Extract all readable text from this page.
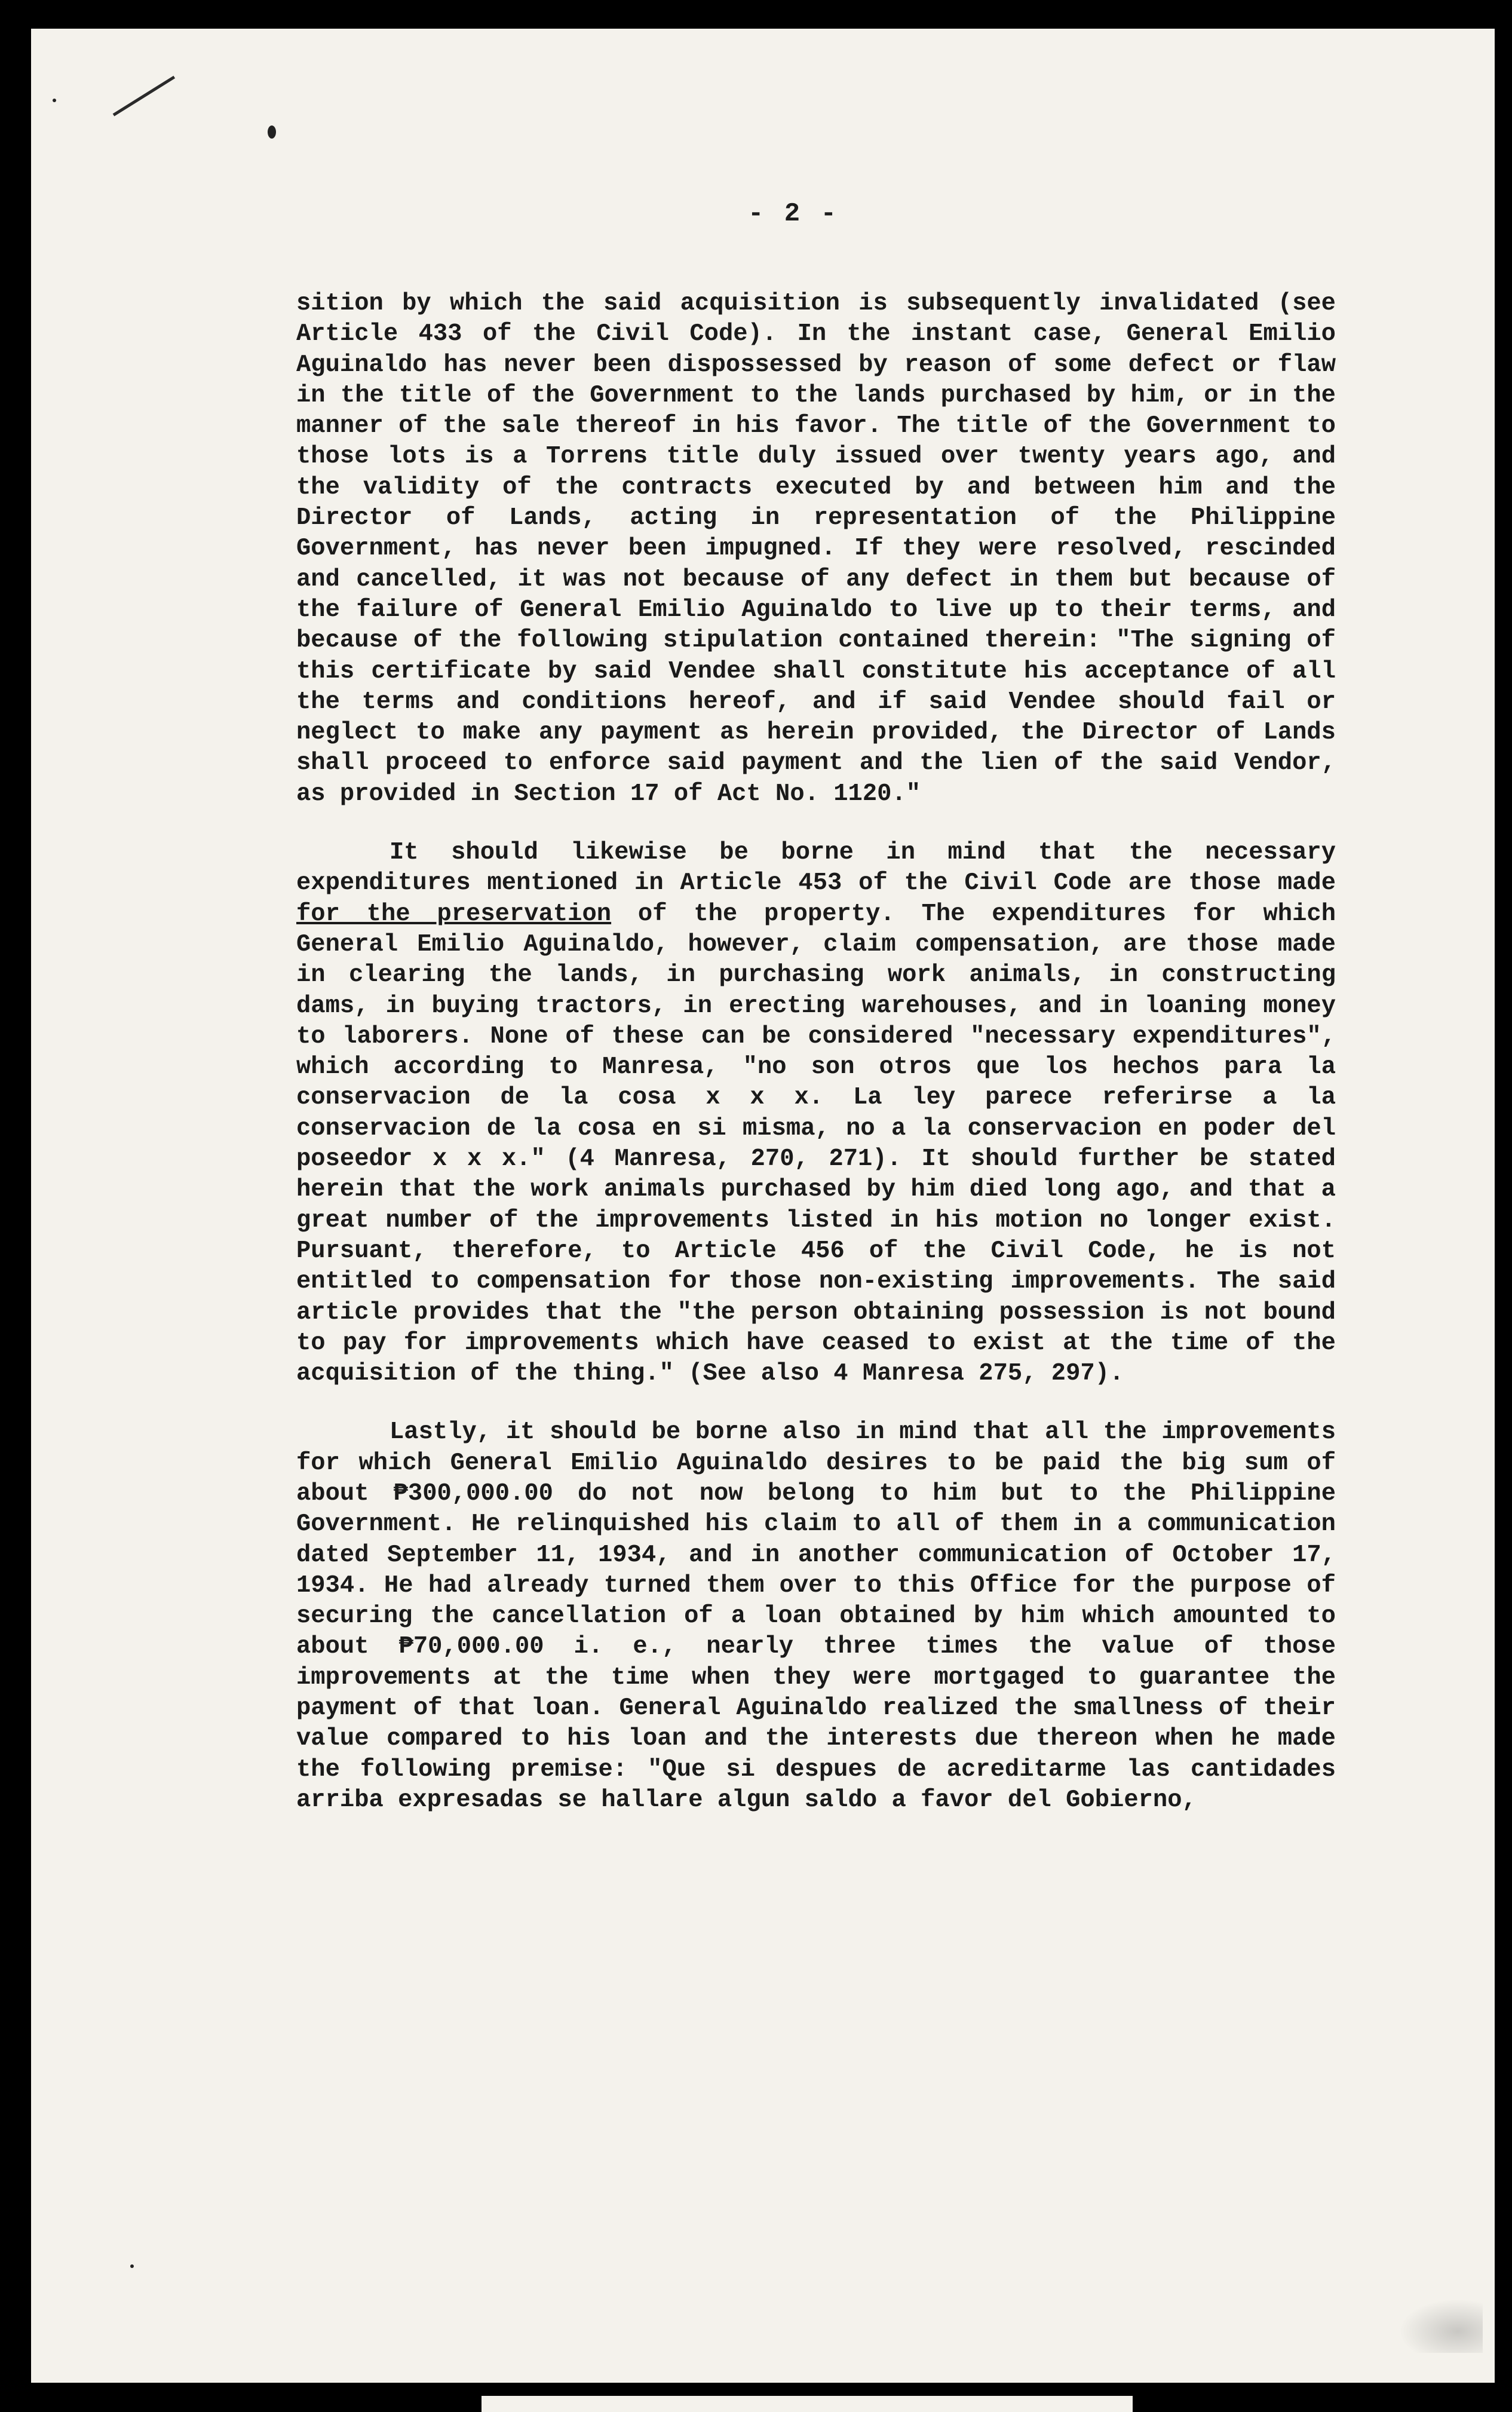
- 2 -

sition by which the said acquisition is subsequently invalidated (see Article 433 of the Civil Code). In the instant case, General Emilio Aguinaldo has never been dispossessed by reason of some defect or flaw in the title of the Government to the lands purchased by him, or in the manner of the sale thereof in his favor. The title of the Government to those lots is a Torrens title duly issued over twenty years ago, and the validity of the contracts executed by and between him and the Director of Lands, acting in representation of the Philippine Government, has never been impugned. If they were resolved, rescinded and cancelled, it was not because of any defect in them but because of the failure of General Emilio Aguinaldo to live up to their terms, and because of the following stipulation contained therein: "The signing of this certificate by said Vendee shall constitute his acceptance of all the terms and conditions hereof, and if said Vendee should fail or neglect to make any payment as herein provided, the Director of Lands shall proceed to enforce said payment and the lien of the said Vendor, as provided in Section 17 of Act No. 1120."

It should likewise be borne in mind that the necessary expenditures mentioned in Article 453 of the Civil Code are those made for the preservation of the property. The expenditures for which General Emilio Aguinaldo, however, claim compensation, are those made in clearing the lands, in purchasing work animals, in constructing dams, in buying tractors, in erecting warehouses, and in loaning money to laborers. None of these can be considered "necessary expenditures", which according to Manresa, "no son otros que los hechos para la conservacion de la cosa x x x. La ley parece referirse a la conservacion de la cosa en si misma, no a la conservacion en poder del poseedor x x x." (4 Manresa, 270, 271). It should further be stated herein that the work animals purchased by him died long ago, and that a great number of the improvements listed in his motion no longer exist. Pursuant, therefore, to Article 456 of the Civil Code, he is not entitled to compensation for those non-existing improvements. The said article provides that the "the person obtaining possession is not bound to pay for improvements which have ceased to exist at the time of the acquisition of the thing." (See also 4 Manresa 275, 297).

Lastly, it should be borne also in mind that all the improvements for which General Emilio Aguinaldo desires to be paid the big sum of about ₱300,000.00 do not now belong to him but to the Philippine Government. He relinquished his claim to all of them in a communication dated September 11, 1934, and in another communication of October 17, 1934. He had already turned them over to this Office for the purpose of securing the cancellation of a loan obtained by him which amounted to about ₱70,000.00 i. e., nearly three times the value of those improvements at the time when they were mortgaged to guarantee the payment of that loan. General Aguinaldo realized the smallness of their value compared to his loan and the interests due thereon when he made the following premise: "Que si despues de acreditarme las cantidades arriba expresadas se hallare algun saldo a favor del Gobierno,
